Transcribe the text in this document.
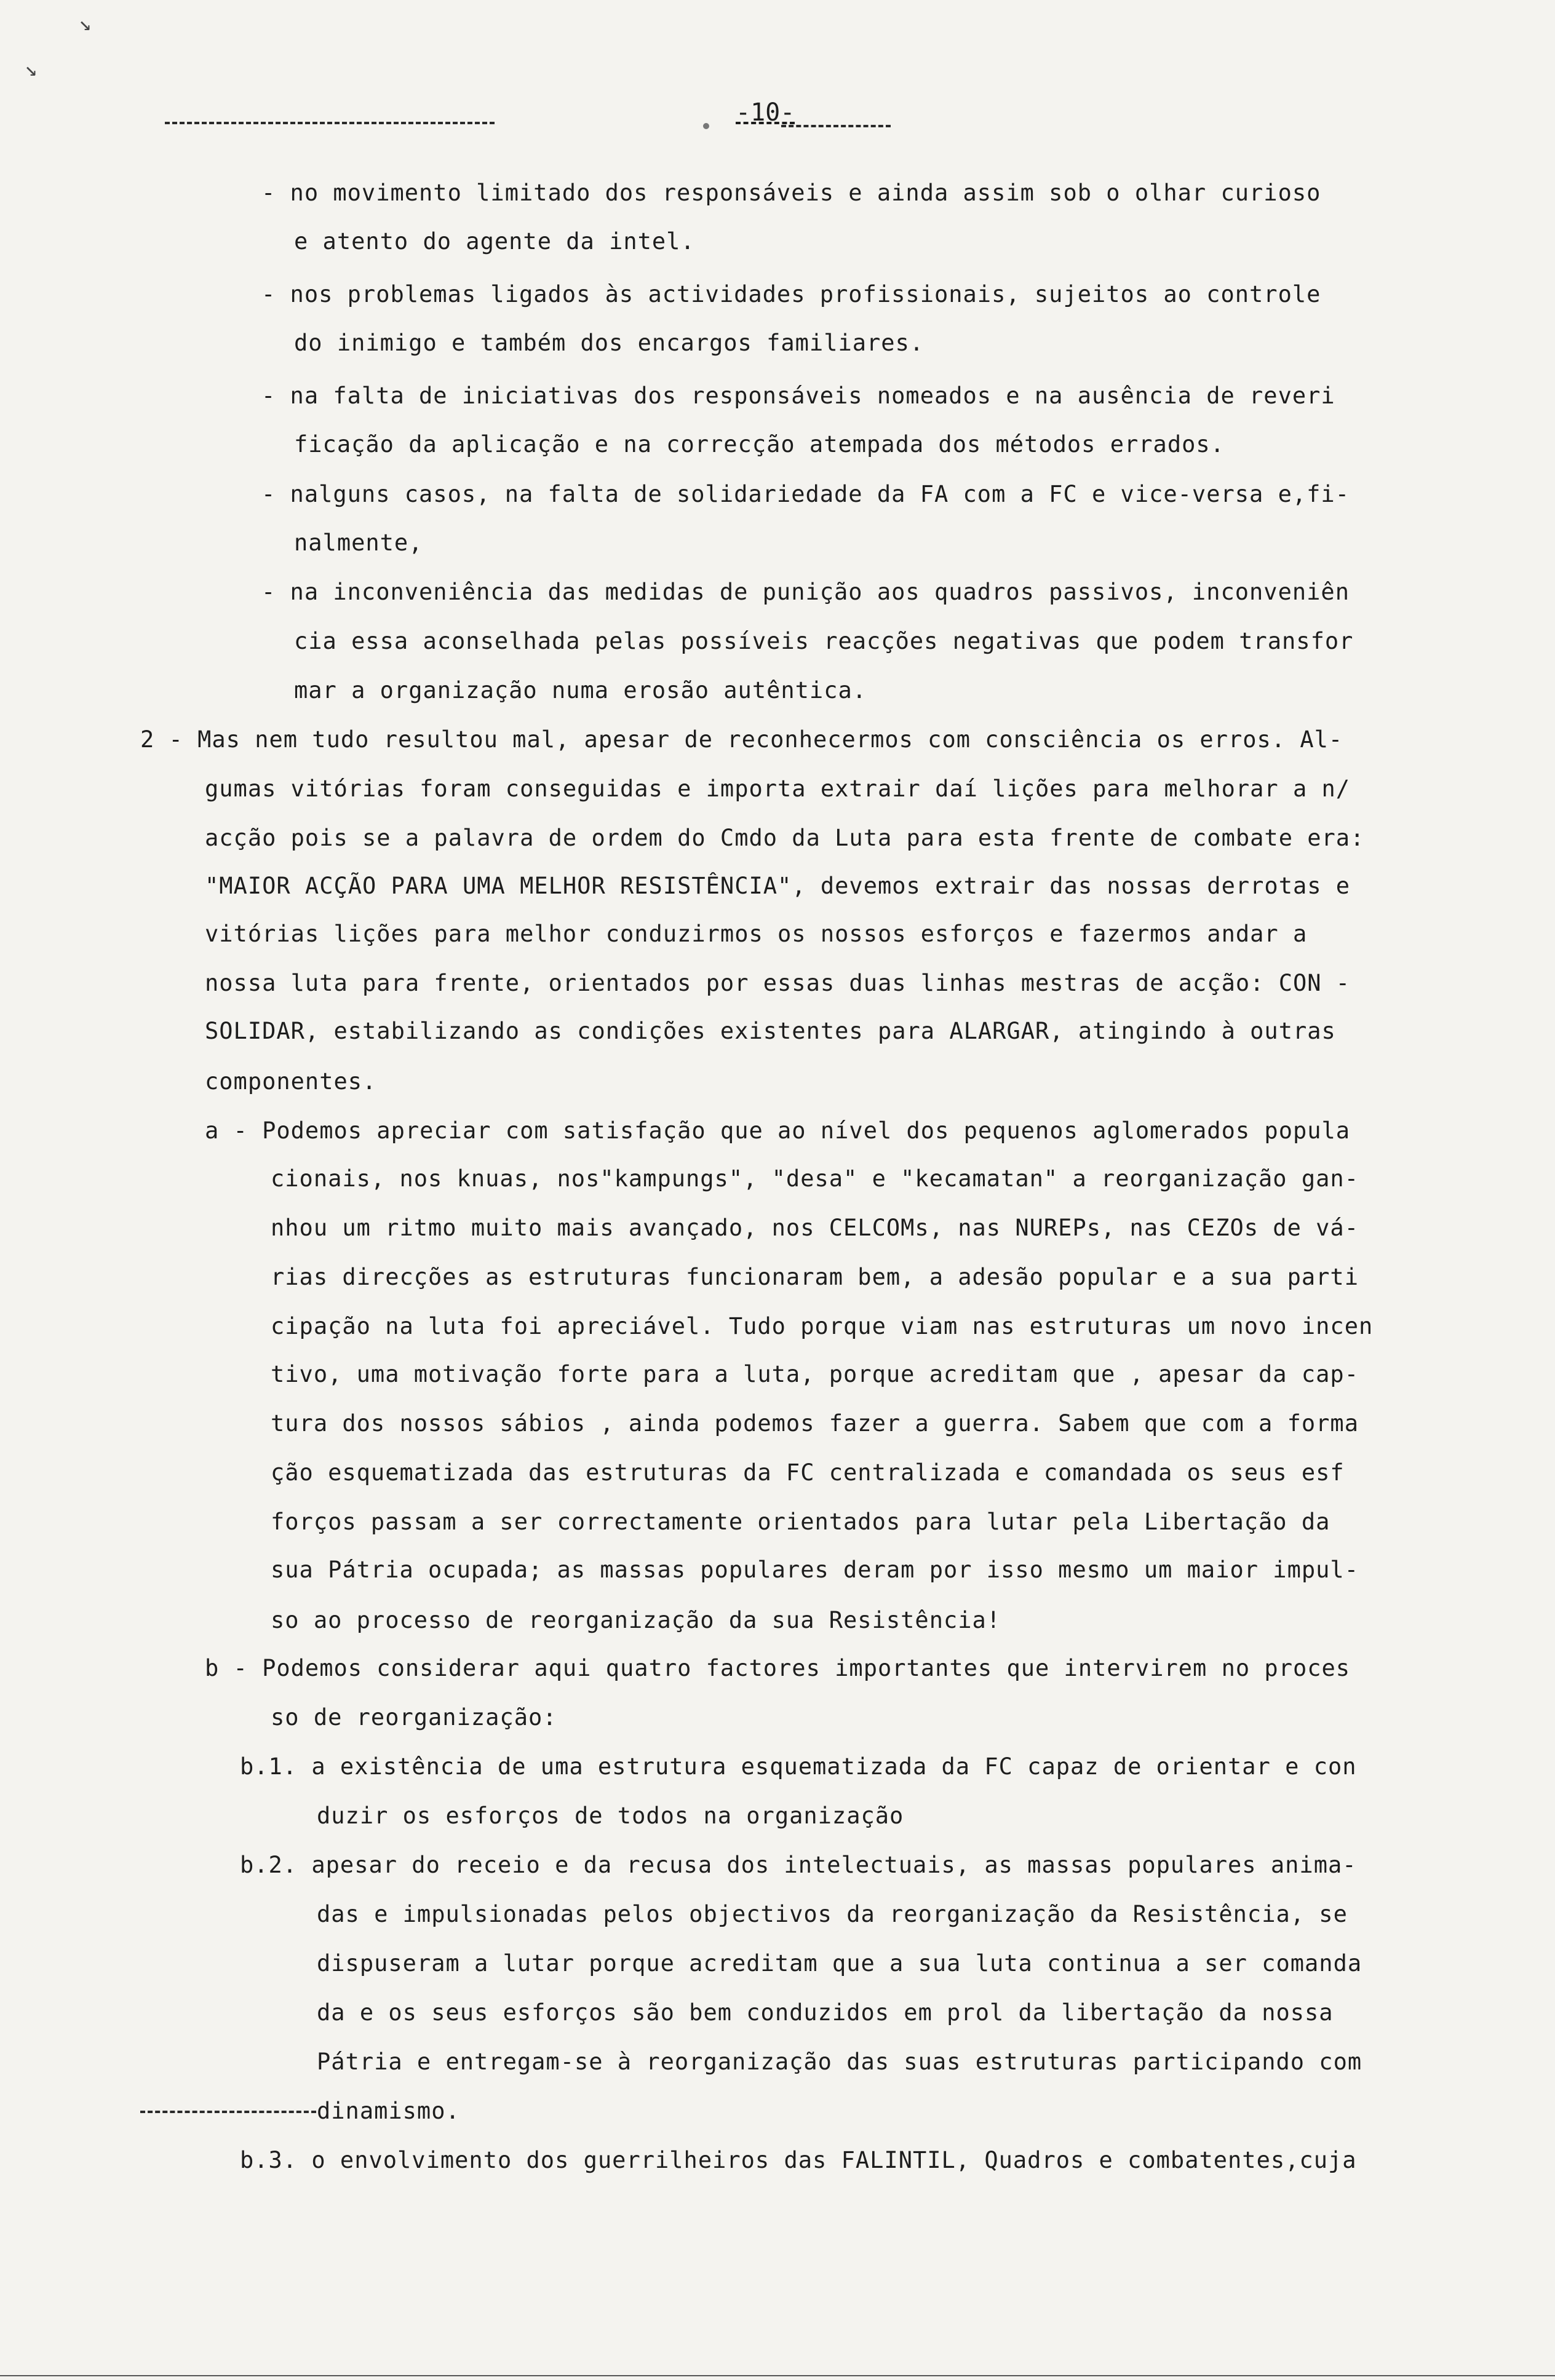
↘
↘
-10-
- no movimento limitado dos responsáveis e ainda assim sob o olhar curioso
e atento do agente da intel.
- nos problemas ligados às actividades profissionais, sujeitos ao controle
do inimigo e também dos encargos familiares.
- na falta de iniciativas dos responsáveis nomeados e na ausência de reveri
ficação da aplicação e na correcção atempada dos métodos errados.
- nalguns casos, na falta de solidariedade da FA com a FC e vice-versa e,fi-
nalmente,
- na inconveniência das medidas de punição aos quadros passivos, inconveniên
cia essa aconselhada pelas possíveis reacções negativas que podem transfor
mar a organização numa erosão autêntica.
2 - Mas nem tudo resultou mal, apesar de reconhecermos com consciência os erros. Al-
gumas vitórias foram conseguidas e importa extrair daí lições para melhorar a n/
acção pois se a palavra de ordem do Cmdo da Luta para esta frente de combate era:
"MAIOR ACÇÃO PARA UMA MELHOR RESISTÊNCIA", devemos extrair das nossas derrotas e
vitórias lições para melhor conduzirmos os nossos esforços e fazermos andar a
nossa luta para frente, orientados por essas duas linhas mestras de acção: CON -
SOLIDAR, estabilizando as condições existentes para ALARGAR, atingindo à outras
componentes.
a - Podemos apreciar com satisfação que ao nível dos pequenos aglomerados popula
cionais, nos knuas, nos"kampungs", "desa" e "kecamatan" a reorganização gan-
nhou um ritmo muito mais avançado, nos CELCOMs, nas NUREPs, nas CEZOs de vá-
rias direcções as estruturas funcionaram bem, a adesão popular e a sua parti
cipação na luta foi apreciável. Tudo porque viam nas estruturas um novo incen
tivo, uma motivação forte para a luta, porque acreditam que , apesar da cap-
tura dos nossos sábios , ainda podemos fazer a guerra. Sabem que com a forma
ção esquematizada das estruturas da FC centralizada e comandada os seus esf
forços passam a ser correctamente orientados para lutar pela Libertação da
sua Pátria ocupada; as massas populares deram por isso mesmo um maior impul-
so ao processo de reorganização da sua Resistência!
b - Podemos considerar aqui quatro factores importantes que intervirem no proces
so de reorganização:
b.1. a existência de uma estrutura esquematizada da FC capaz de orientar e con
duzir os esforços de todos na organização
b.2. apesar do receio e da recusa dos intelectuais, as massas populares anima-
das e impulsionadas pelos objectivos da reorganização da Resistência, se
dispuseram a lutar porque acreditam que a sua luta continua a ser comanda
da e os seus esforços são bem conduzidos em prol da libertação da nossa
Pátria e entregam-se à reorganização das suas estruturas participando com
dinamismo.
b.3. o envolvimento dos guerrilheiros das FALINTIL, Quadros e combatentes,cuja
